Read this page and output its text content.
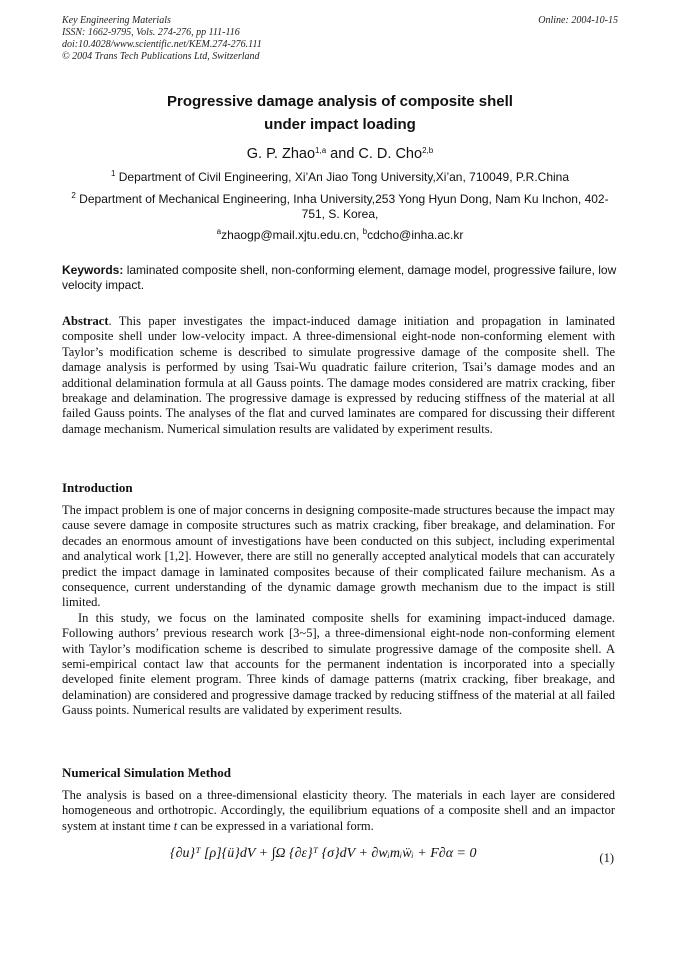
Key Engineering Materials
ISSN: 1662-9795, Vols. 274-276, pp 111-116
doi:10.4028/www.scientific.net/KEM.274-276.111
© 2004 Trans Tech Publications Ltd, Switzerland
Online: 2004-10-15
Progressive damage analysis of composite shell
under impact loading
G. P. Zhao$^{1,a}$ and C. D. Cho$^{2,b}$
$^1$ Department of Civil Engineering, Xi’An Jiao Tong University,Xi’an, 710049, P.R.China
$^2$ Department of Mechanical Engineering, Inha University,253 Yong Hyun Dong, Nam Ku Inchon, 402-751, S. Korea,
$^a$zhaogp@mail.xjtu.edu.cn, $^b$cdcho@inha.ac.kr
Keywords: laminated composite shell, non-conforming element, damage model, progressive failure, low velocity impact.
Abstract. This paper investigates the impact-induced damage initiation and propagation in laminated composite shell under low-velocity impact. A three-dimensional eight-node non-conforming element with Taylor’s modification scheme is described to simulate progressive damage of the composite shell. The damage analysis is performed by using Tsai-Wu quadratic failure criterion, Tsai’s damage modes and an additional delamination formula at all Gauss points. The damage modes considered are matrix cracking, fiber breakage and delamination. The progressive damage is expressed by reducing stiffness of the material at all failed Gauss points. The analyses of the flat and curved laminates are compared for discussing their different damage mechanism. Numerical simulation results are validated by experiment results.
Introduction

The impact problem is one of major concerns in designing composite-made structures because the impact may cause severe damage in composite structures such as matrix cracking, fiber breakage, and delamination. For decades an enormous amount of investigations have been conducted on this subject, including experimental and analytical work [1,2]. However, there are still no generally accepted analytical models that can accurately predict the impact damage in laminated composites because of their complicated failure mechanism. As a consequence, current understanding of the dynamic damage growth mechanism due to the impact is still limited.

In this study, we focus on the laminated composite shells for examining impact-induced damage. Following authors’ previous research work [3~5], a three-dimensional eight-node non-conforming element with Taylor’s modification scheme is described to simulate progressive damage of the composite shell. A semi-empirical contact law that accounts for the permanent indentation is incorporated into a specially developed finite element program. Three kinds of damage patterns (matrix cracking, fiber breakage, and delamination) are considered and progressive damage tracked by reducing stiffness of the material at all failed Gauss points. Numerical results are validated by experiment results.

Numerical Simulation Method
The analysis is based on a three-dimensional elasticity theory. The materials in each layer are considered homogeneous and orthotropic. Accordingly, the equilibrium equations of a composite shell and an impactor system at instant time t can be expressed in a variational form.
{∂u}ᵀ [ρ]{ü}dV + ∫Ω {∂ε}ᵀ {σ}dV + ∂wᵢmᵢẅᵢ + F∂α = 0	(1)
